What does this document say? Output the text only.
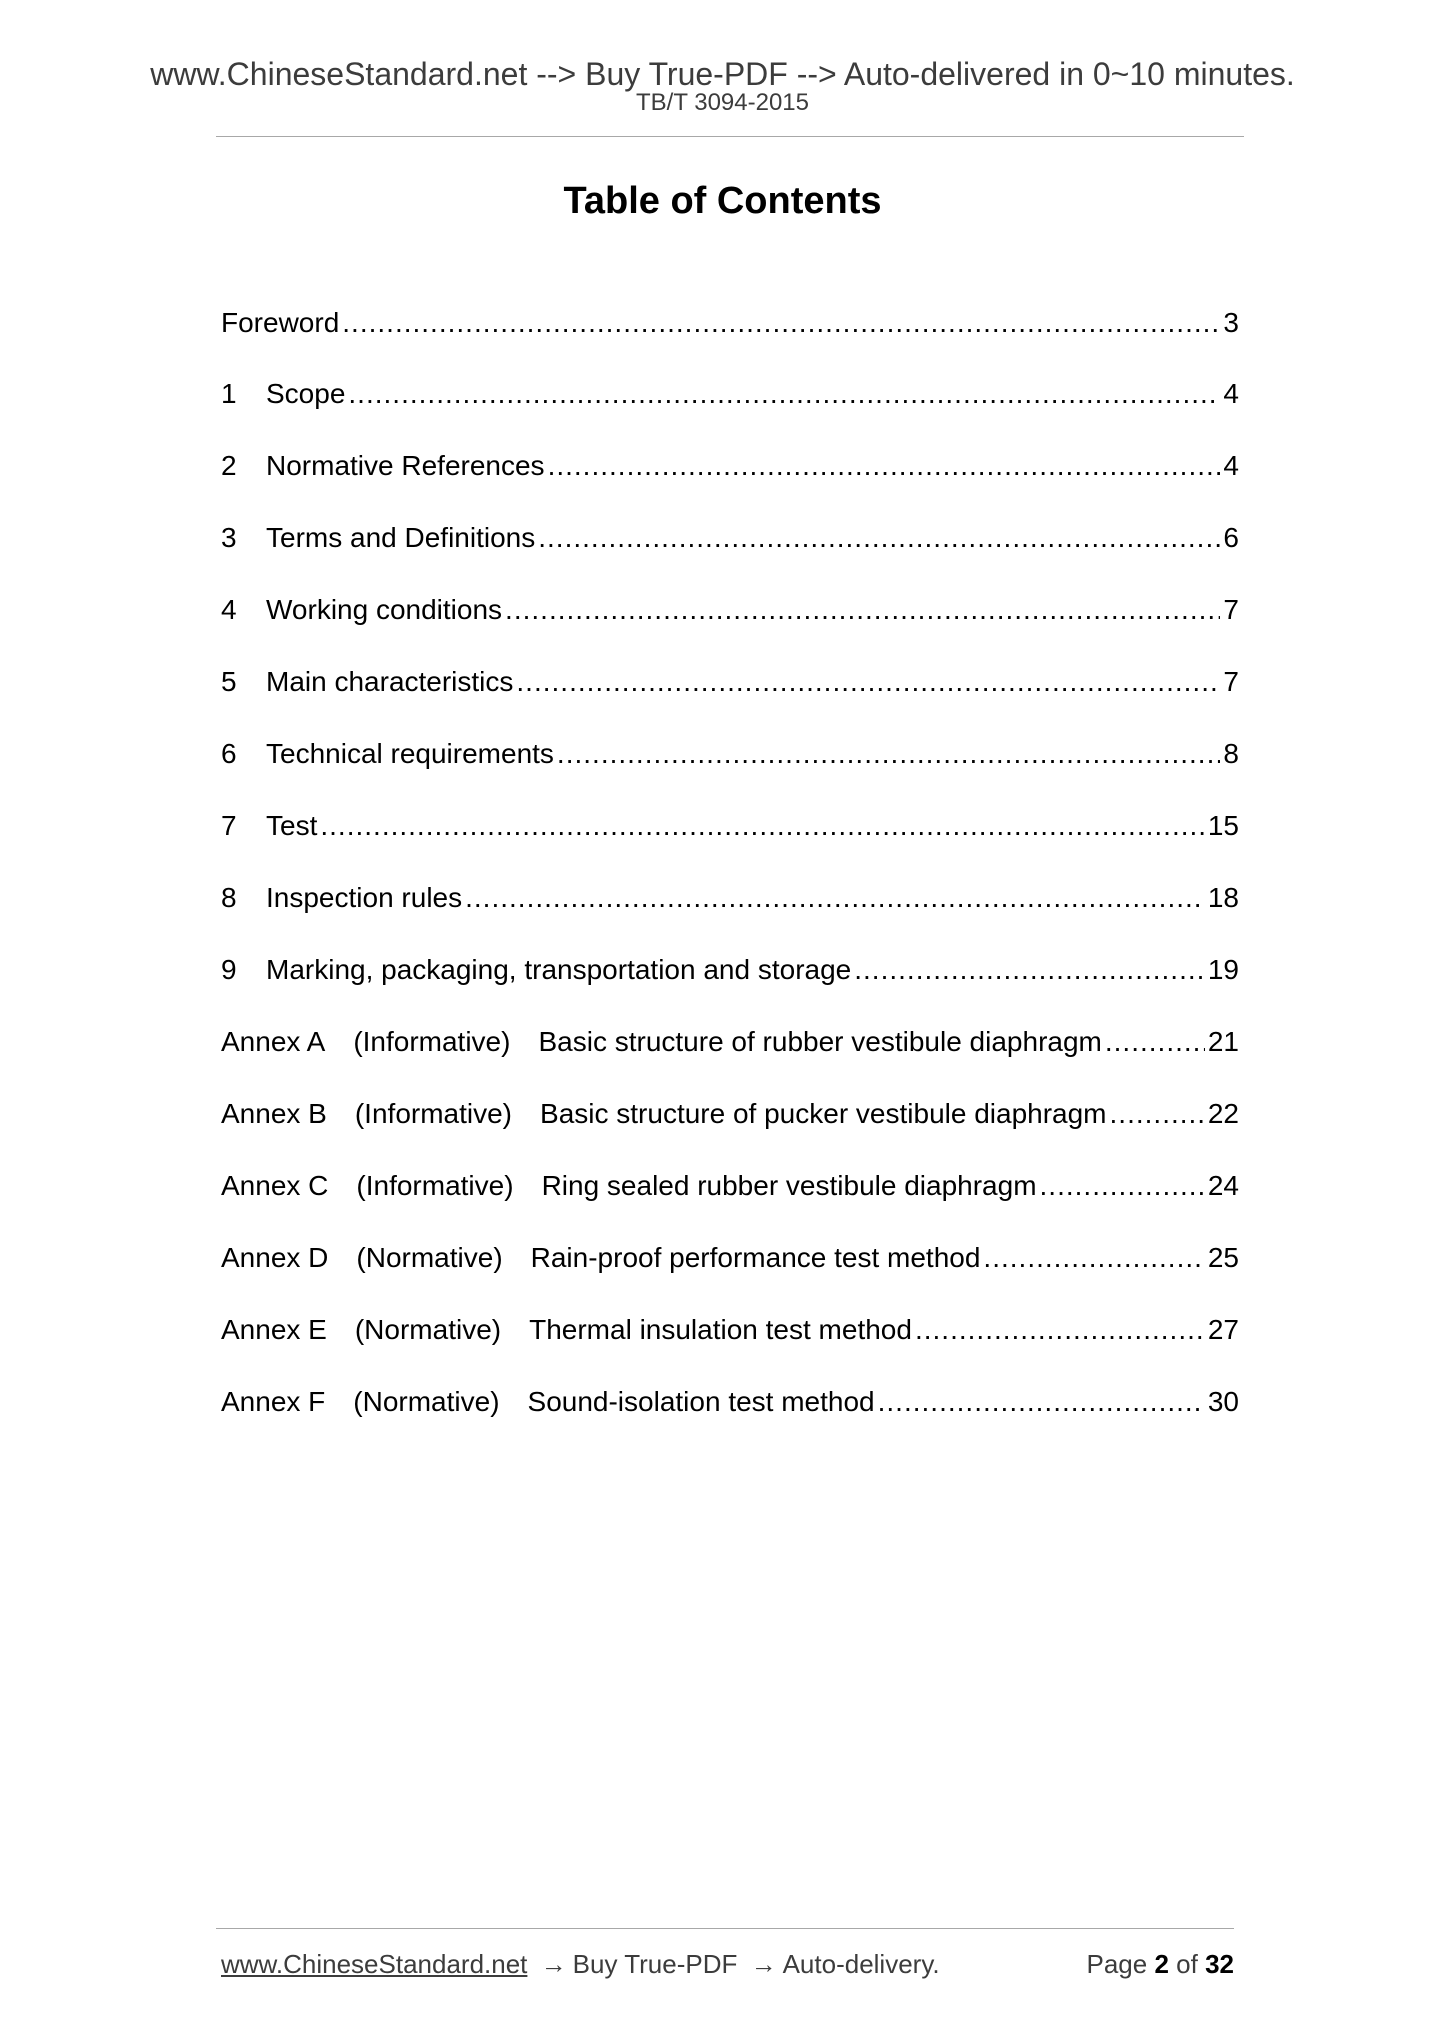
www.ChineseStandard.net --> Buy True-PDF --> Auto-delivered in 0~10 minutes.
TB/T 3094-2015
Table of Contents
Foreword .....	3
1	Scope .....	4
2	Normative References .....	4
3	Terms and Definitions .....	6
4	Working conditions .....	7
5	Main characteristics .....	7
6	Technical requirements .....	8
7	Test .....	15
8	Inspection rules .....	18
9	Marking, packaging, transportation and storage .....	19
Annex A	(Informative)	Basic structure of rubber vestibule diaphragm .....	21
Annex B	(Informative)	Basic structure of pucker vestibule diaphragm .....	22
Annex C	(Informative)	Ring sealed rubber vestibule diaphragm .....	24
Annex D	(Normative)	Rain-proof performance test method .....	25
Annex E	(Normative)	Thermal insulation test method .....	27
Annex F	(Normative)	Sound-isolation test method .....	30
www.ChineseStandard.net → Buy True-PDF → Auto-delivery.	Page 2 of 32
